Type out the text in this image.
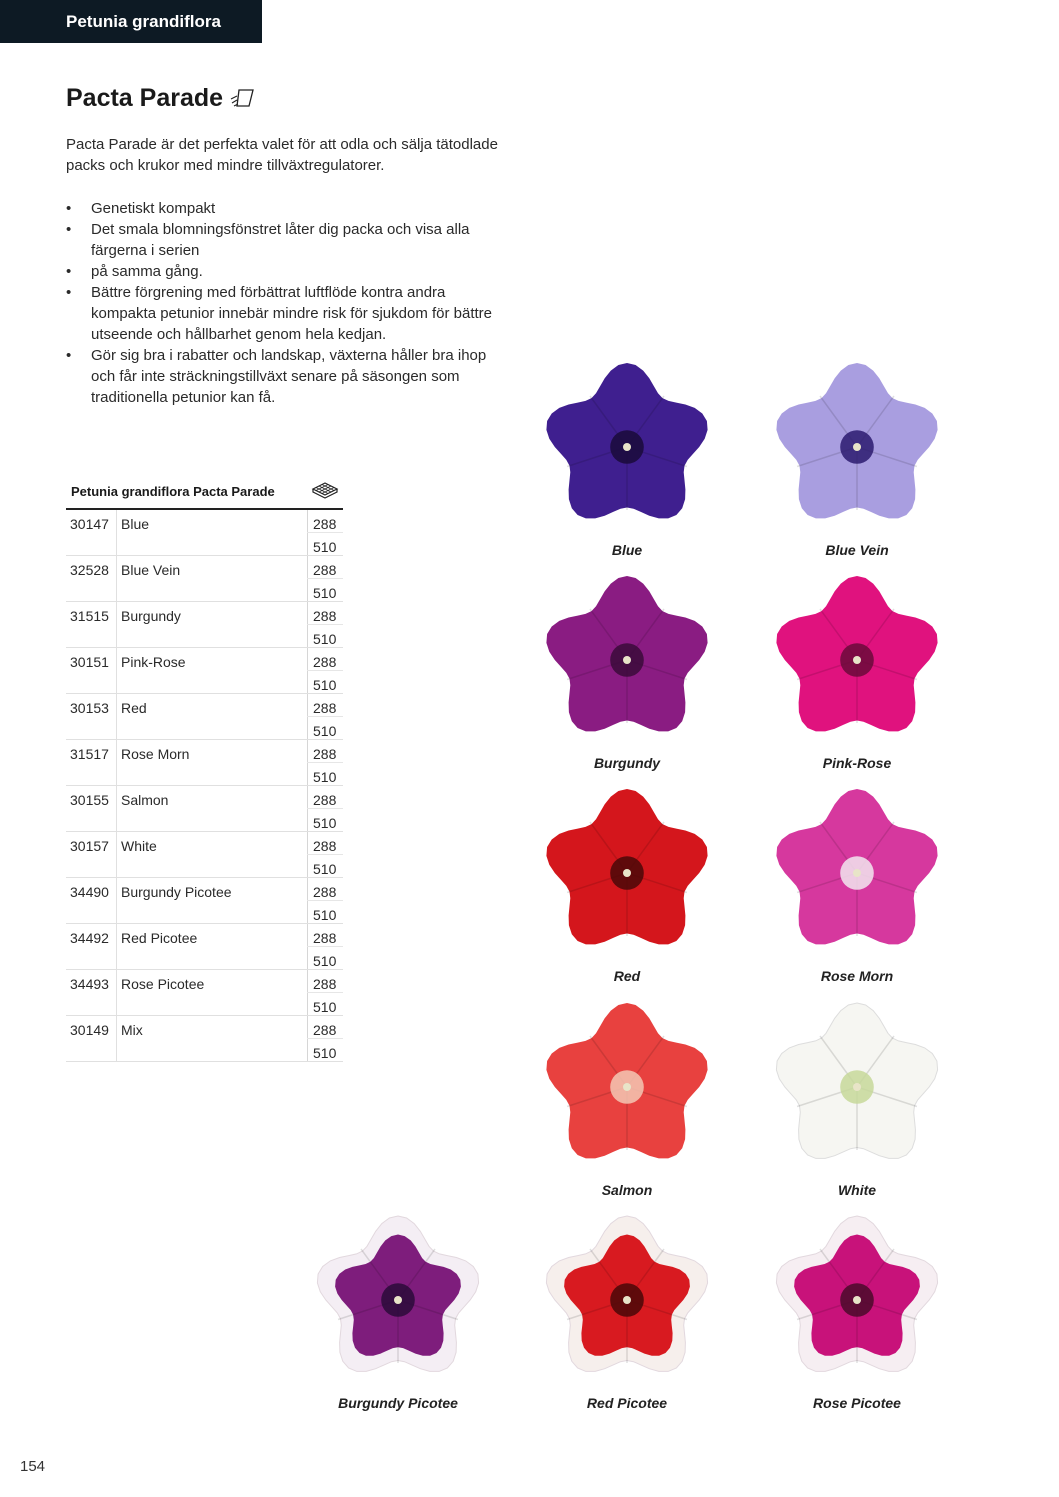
Petunia grandiflora
Pacta Parade

Pacta Parade är det perfekta valet för att odla och sälja tätodlade packs och krukor med mindre tillväxtregulatorer.

• Genetiskt kompakt
• Det smala blomningsfönstret låter dig packa och visa alla färgerna i serien
• på samma gång.
• Bättre förgrening med förbättrat luftflöde kontra andra kompakta petunior innebär mindre risk för sjukdom för bättre utseende och hållbarhet genom hela kedjan.
• Gör sig bra i rabatter och landskap, växterna håller bra ihop och får inte sträckningstillväxt senare på säsongen som traditionella petunior kan få.
Petunia grandiflora Pacta Parade
30147 Blue	288
510
32528 Blue Vein	288
510
31515 Burgundy	288
510
30151 Pink-Rose	288
510
30153 Red	288
510
31517 Rose Morn	288
510
30155 Salmon	288
510
30157 White	288
510
34490 Burgundy Picotee	288
510
34492 Red Picotee	288
510
34493 Rose Picotee	288
510
30149 Mix	288
510
Blue	Blue Vein
Burgundy	Pink-Rose
Red	Rose Morn
Salmon	White
Burgundy Picotee	Red Picotee	Rose Picotee
154
